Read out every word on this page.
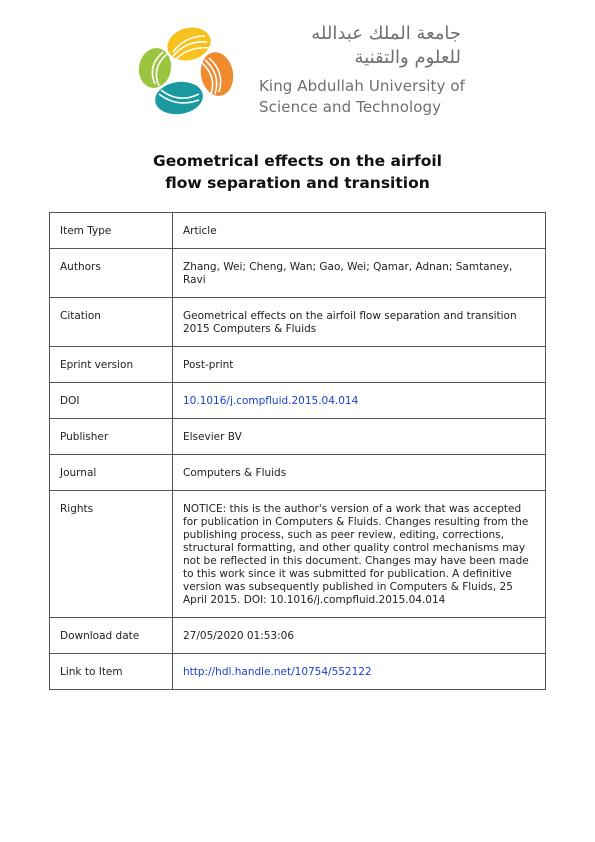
جامعة الملك عبدالله
للعلوم والتقنية
King Abdullah University of
Science and Technology
Geometrical effects on the airfoil
flow separation and transition
Item Type	Article
Authors	Zhang, Wei; Cheng, Wan; Gao, Wei; Qamar, Adnan; Samtaney, Ravi
Citation	Geometrical effects on the airfoil flow separation and transition 2015 Computers & Fluids
Eprint version	Post-print
DOI	10.1016/j.compfluid.2015.04.014
Publisher	Elsevier BV
Journal	Computers & Fluids
Rights	NOTICE: this is the author's version of a work that was accepted for publication in Computers & Fluids. Changes resulting from the publishing process, such as peer review, editing, corrections, structural formatting, and other quality control mechanisms may not be reflected in this document. Changes may have been made to this work since it was submitted for publication. A definitive version was subsequently published in Computers & Fluids, 25 April 2015. DOI: 10.1016/j.compfluid.2015.04.014
Download date	27/05/2020 01:53:06
Link to Item	http://hdl.handle.net/10754/552122
